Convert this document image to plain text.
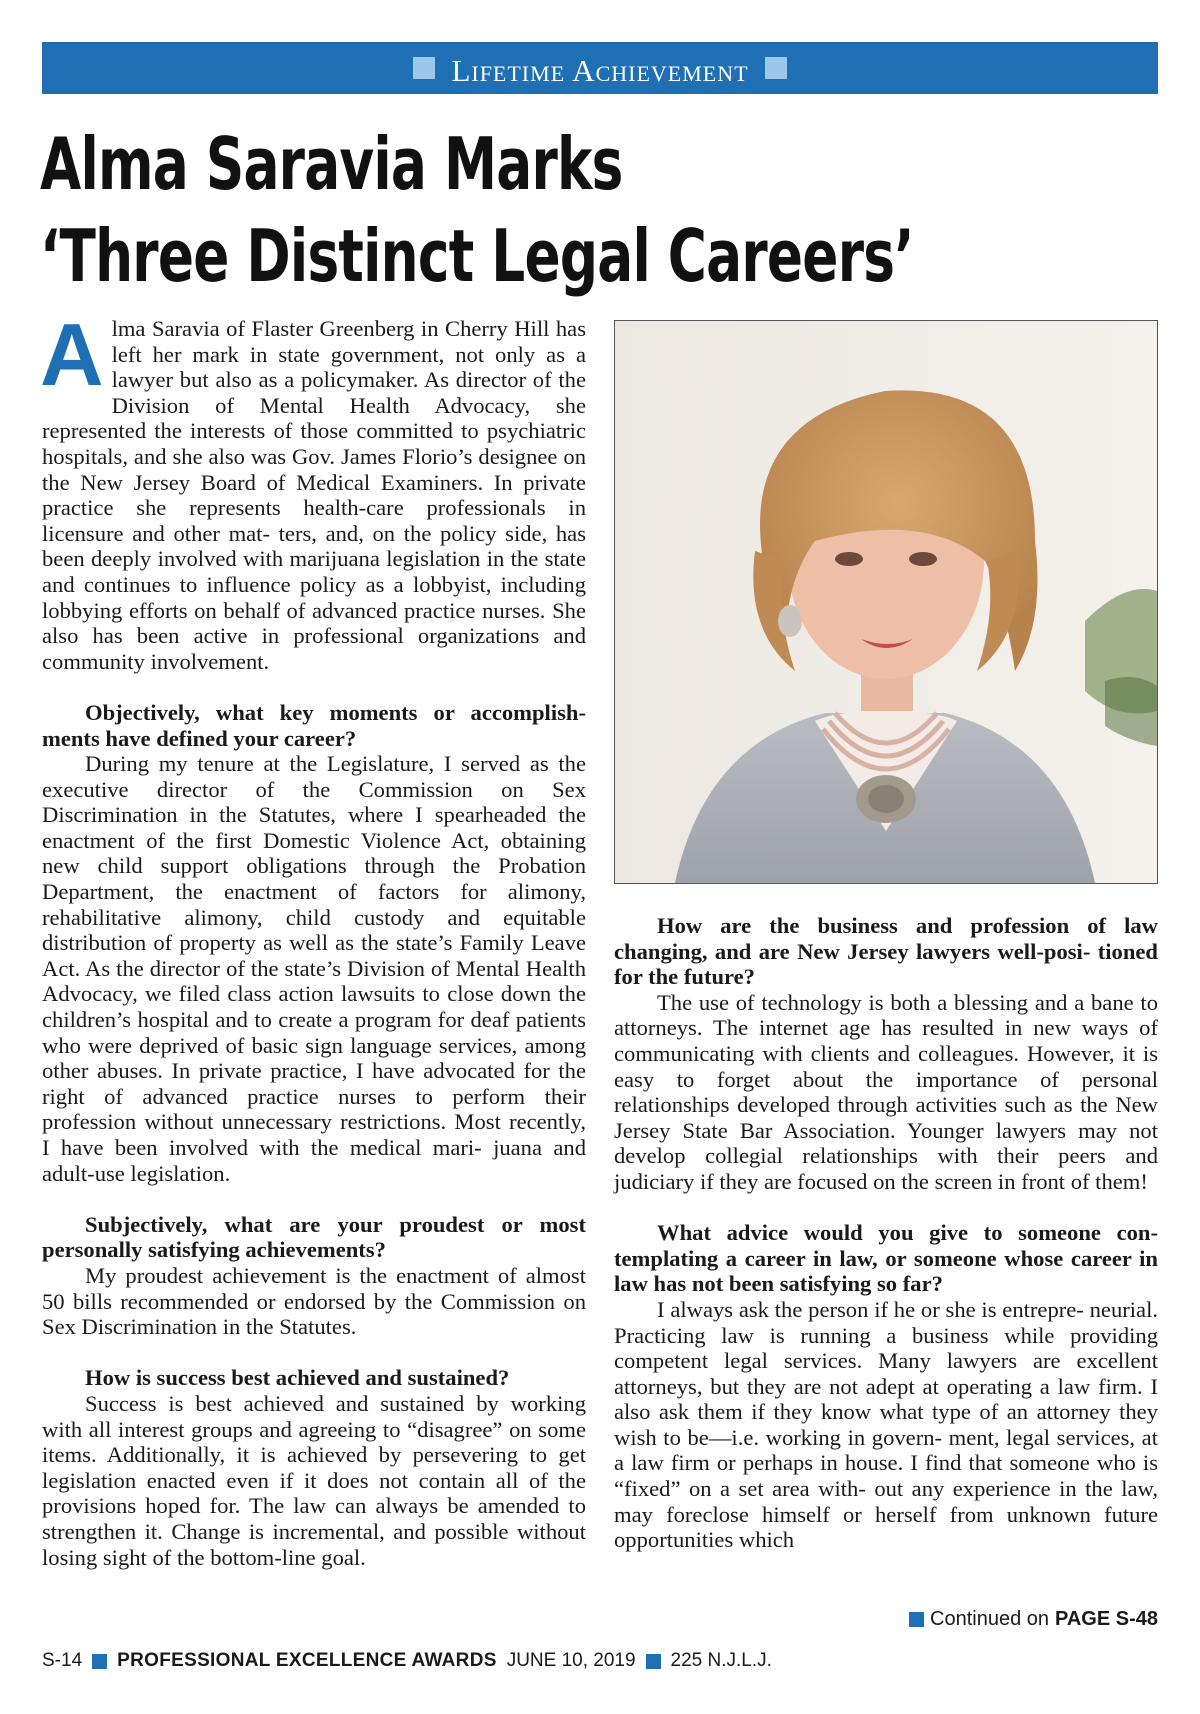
Lifetime Achievement
Alma Saravia Marks
‘Three Distinct Legal Careers’

Alma Saravia of Flaster Greenberg in Cherry Hill has left her mark in state government, not only as a lawyer but also as a policymaker. As director of the Division of Mental Health Advocacy, she represented the interests of those committed to psychiatric hospitals, and she also was Gov. James Florio’s designee on the New Jersey Board of Medical Examiners. In private practice she represents health-care professionals in licensure and other mat- ters, and, on the policy side, has been deeply involved with marijuana legislation in the state and continues to influence policy as a lobbyist, including lobbying efforts on behalf of advanced practice nurses. She also has been active in professional organizations and community involvement.

Objectively, what key moments or accomplish- ments have defined your career?

During my tenure at the Legislature, I served as the executive director of the Commission on Sex Discrimination in the Statutes, where I spearheaded the enactment of the first Domestic Violence Act, obtaining new child support obligations through the Probation Department, the enactment of factors for alimony, rehabilitative alimony, child custody and equitable distribution of property as well as the state’s Family Leave Act. As the director of the state’s Division of Mental Health Advocacy, we filed class action lawsuits to close down the children’s hospital and to create a program for deaf patients who were deprived of basic sign language services, among other abuses. In private practice, I have advocated for the right of advanced practice nurses to perform their profession without unnecessary restrictions. Most recently, I have been involved with the medical mari- juana and adult-use legislation.

Subjectively, what are your proudest or most personally satisfying achievements?

My proudest achievement is the enactment of almost 50 bills recommended or endorsed by the Commission on Sex Discrimination in the Statutes.

How is success best achieved and sustained?

Success is best achieved and sustained by working with all interest groups and agreeing to “disagree” on some items. Additionally, it is achieved by persevering to get legislation enacted even if it does not contain all of the provisions hoped for. The law can always be amended to strengthen it. Change is incremental, and possible without losing sight of the bottom-line goal.

How are the business and profession of law changing, and are New Jersey lawyers well-posi- tioned for the future?

The use of technology is both a blessing and a bane to attorneys. The internet age has resulted in new ways of communicating with clients and colleagues. However, it is easy to forget about the importance of personal relationships developed through activities such as the New Jersey State Bar Association. Younger lawyers may not develop collegial relationships with their peers and judiciary if they are focused on the screen in front of them!

What advice would you give to someone con- templating a career in law, or someone whose career in law has not been satisfying so far?

I always ask the person if he or she is entrepre- neurial. Practicing law is running a business while providing competent legal services. Many lawyers are excellent attorneys, but they are not adept at operating a law firm. I also ask them if they know what type of an attorney they wish to be—i.e. working in govern- ment, legal services, at a law firm or perhaps in house. I find that someone who is “fixed” on a set area with- out any experience in the law, may foreclose himself or herself from unknown future opportunities which

Continued on PAGE S-48
S-14 PROFESSIONAL EXCELLENCE AWARDS JUNE 10, 2019 225 N.J.L.J.
